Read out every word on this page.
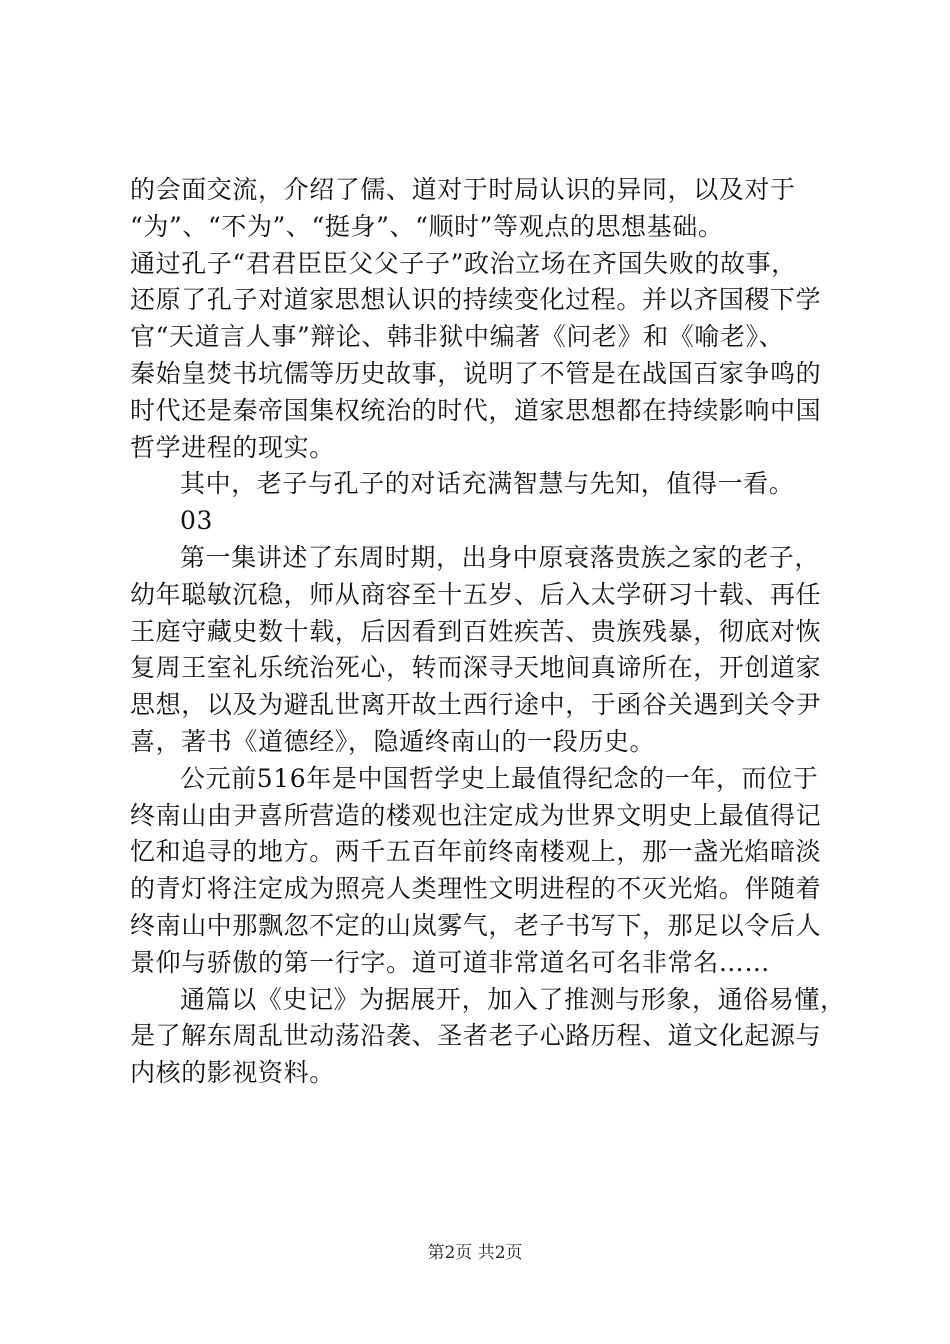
的会面交流，介绍了儒、道对于时局认识的异同，以及对于
“为”、“不为”、“挺身”、“顺时”等观点的思想基础。
通过孔子“君君臣臣父父子子”政治立场在齐国失败的故事，
还原了孔子对道家思想认识的持续变化过程。并以齐国稷下学
官“天道言人事”辩论、韩非狱中编著《问老》和《喻老》、
秦始皇焚书坑儒等历史故事，说明了不管是在战国百家争鸣的
时代还是秦帝国集权统治的时代，道家思想都在持续影响中国
哲学进程的现实。
其中，老子与孔子的对话充满智慧与先知，值得一看。
03
第一集讲述了东周时期，出身中原衰落贵族之家的老子，
幼年聪敏沉稳，师从商容至十五岁、后入太学研习十载、再任
王庭守藏史数十载，后因看到百姓疾苦、贵族残暴，彻底对恢
复周王室礼乐统治死心，转而深寻天地间真谛所在，开创道家
思想，以及为避乱世离开故土西行途中，于函谷关遇到关令尹
喜，著书《道德经》，隐遁终南山的一段历史。
公元前516年是中国哲学史上最值得纪念的一年，而位于
终南山由尹喜所营造的楼观也注定成为世界文明史上最值得记
忆和追寻的地方。两千五百年前终南楼观上，那一盏光焰暗淡
的青灯将注定成为照亮人类理性文明进程的不灭光焰。伴随着
终南山中那飘忽不定的山岚雾气，老子书写下，那足以令后人
景仰与骄傲的第一行字。道可道非常道名可名非常名……
通篇以《史记》为据展开，加入了推测与形象，通俗易懂，
是了解东周乱世动荡沿袭、圣者老子心路历程、道文化起源与
内核的影视资料。
第2页 共2页
